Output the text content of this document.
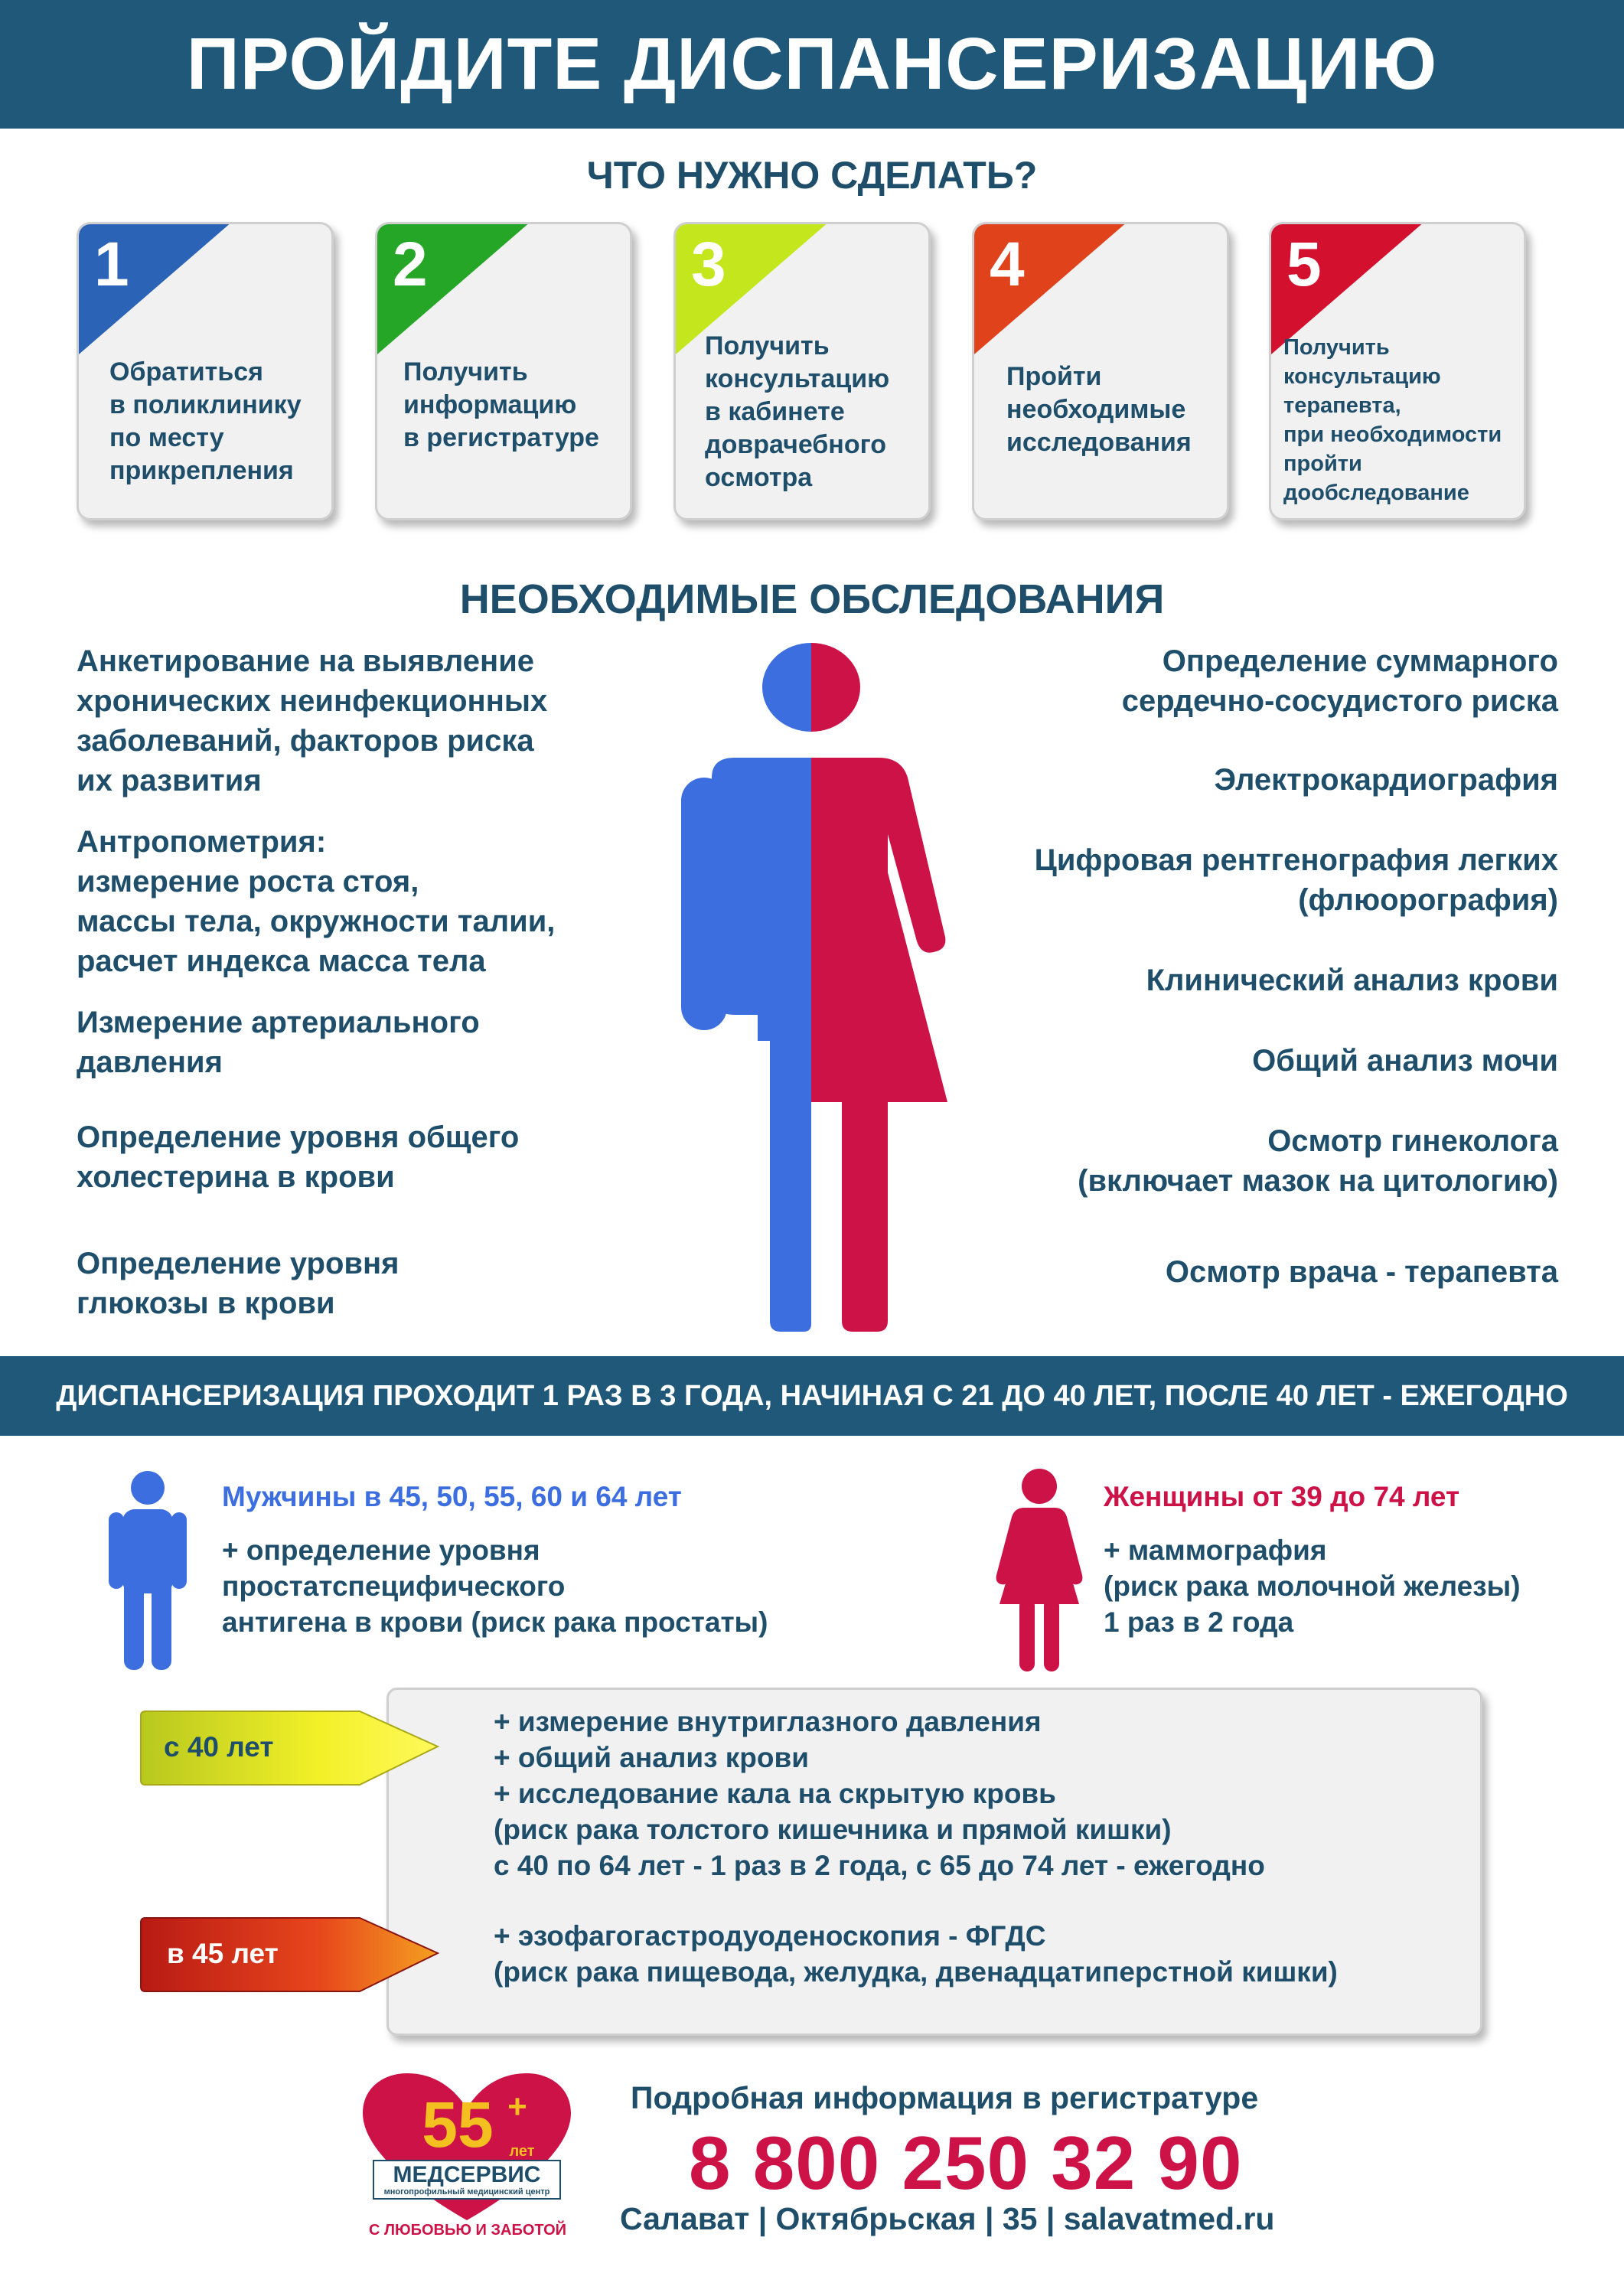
ПРОЙДИТЕ ДИСПАНСЕРИЗАЦИЮ
ЧТО НУЖНО СДЕЛАТЬ?
1
Обратиться
в поликлинику
по месту
прикрепления
2
Получить
информацию
в регистратуре
3
Получить
консультацию
в кабинете
доврачебного
осмотра
4
Пройти
необходимые
исследования
5
Получить
консультацию
терапевта,
при необходимости
пройти
дообследование
НЕОБХОДИМЫЕ ОБСЛЕДОВАНИЯ
Анкетирование на выявление
хронических неинфекционных
заболеваний, факторов риска
их развития
Антропометрия:
измерение роста стоя,
массы тела, окружности талии,
расчет индекса масса тела
Измерение артериального
давления
Определение уровня общего
холестерина в крови
Определение уровня
глюкозы в крови
Определение суммарного
сердечно-сосудистого риска
Электрокардиография
Цифровая рентгенография легких
(флюорография)
Клинический анализ крови
Общий анализ мочи
Осмотр гинеколога
(включает мазок на цитологию)
Осмотр врача - терапевта
ДИСПАНСЕРИЗАЦИЯ ПРОХОДИТ 1 РАЗ В 3 ГОДА, НАЧИНАЯ С 21 ДО 40 ЛЕТ, ПОСЛЕ 40 ЛЕТ - ЕЖЕГОДНО
Мужчины в 45, 50, 55, 60 и 64 лет
+ определение уровня
простатспецифического
антигена в крови (риск рака простаты)
Женщины от 39 до 74 лет
+ маммография
(риск рака молочной железы)
1 раз в 2 года
+ измерение внутриглазного давления
+ общий анализ крови
+ исследование кала на скрытую кровь
(риск рака толстого кишечника и прямой кишки)
с 40 по 64 лет - 1 раз в 2 года, с 65 до 74 лет - ежегодно
+ эзофагогастродуоденоскопия - ФГДС
(риск рака пищевода, желудка, двенадцатиперстной кишки)
с 40 лет
в 45 лет
55 +
лет
МЕДСЕРВИС
многопрофильный медицинский центр
С ЛЮБОВЬЮ И ЗАБОТОЙ
Подробная информация в регистратуре
8 800 250 32 90
Салават | Октябрьская | 35 | salavatmed.ru
